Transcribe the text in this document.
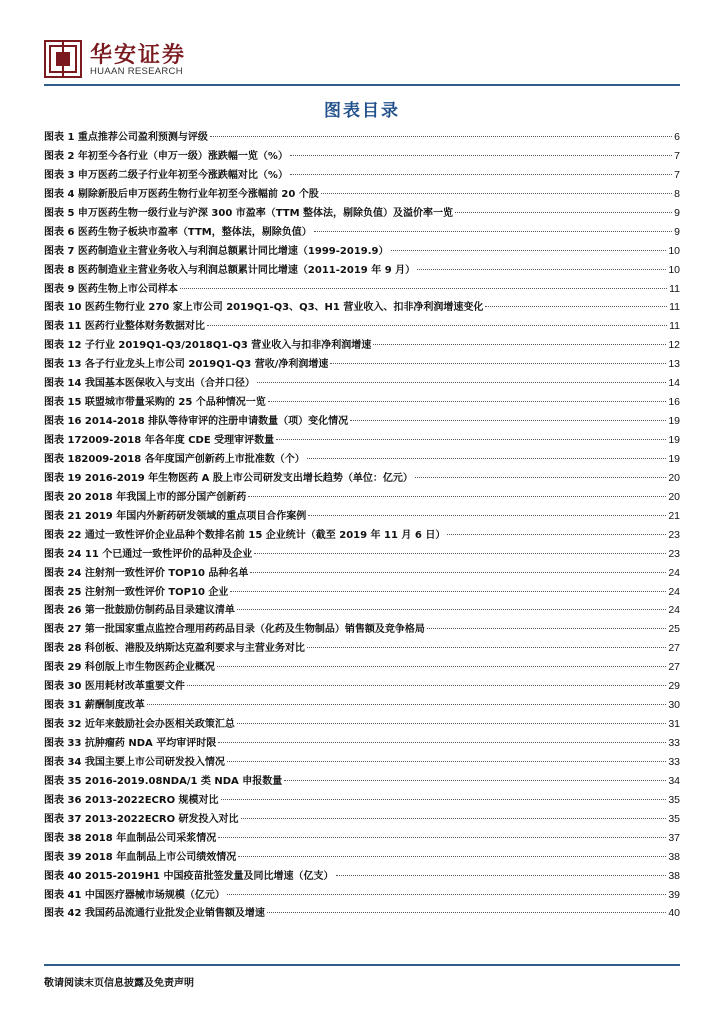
华安证券
HUAAN RESEARCH
图表目录
图表 1 重点推荐公司盈利预测与评级	6
图表 2 年初至今各行业（申万一级）涨跌幅一览（%）	7
图表 3 申万医药二级子行业年初至今涨跌幅对比（%）	7
图表 4 剔除新股后申万医药生物行业年初至今涨幅前 20 个股	8
图表 5 申万医药生物一级行业与沪深 300 市盈率（TTM 整体法，剔除负值）及溢价率一览	9
图表 6 医药生物子板块市盈率（TTM，整体法，剔除负值）	9
图表 7 医药制造业主营业务收入与利润总额累计同比增速（1999-2019.9）	10
图表 8 医药制造业主营业务收入与利润总额累计同比增速（2011-2019 年 9 月）	10
图表 9 医药生物上市公司样本	11
图表 10 医药生物行业 270 家上市公司 2019Q1-Q3、Q3、H1 营业收入、扣非净利润增速变化	11
图表 11 医药行业整体财务数据对比	11
图表 12 子行业 2019Q1-Q3/2018Q1-Q3 营业收入与扣非净利润增速	12
图表 13 各子行业龙头上市公司 2019Q1-Q3 营收/净利润增速	13
图表 14 我国基本医保收入与支出（合并口径）	14
图表 15 联盟城市带量采购的 25 个品种情况一览	16
图表 16 2014-2018 排队等待审评的注册申请数量（项）变化情况	19
图表 172009-2018 年各年度 CDE 受理审评数量	19
图表 182009-2018 各年度国产创新药上市批准数（个）	19
图表 19 2016-2019 年生物医药 A 股上市公司研发支出增长趋势（单位：亿元）	20
图表 20 2018 年我国上市的部分国产创新药	20
图表 21 2019 年国内外新药研发领域的重点项目合作案例	21
图表 22 通过一致性评价企业品种个数排名前 15 企业统计（截至 2019 年 11 月 6 日）	23
图表 24 11 个已通过一致性评价的品种及企业	23
图表 24 注射剂一致性评价 TOP10 品种名单	24
图表 25 注射剂一致性评价 TOP10 企业	24
图表 26 第一批鼓励仿制药品目录建议清单	24
图表 27 第一批国家重点监控合理用药药品目录（化药及生物制品）销售额及竞争格局	25
图表 28 科创板、港股及纳斯达克盈利要求与主营业务对比	27
图表 29 科创版上市生物医药企业概况	27
图表 30 医用耗材改革重要文件	29
图表 31 薪酬制度改革	30
图表 32 近年来鼓励社会办医相关政策汇总	31
图表 33 抗肿瘤药 NDA 平均审评时限	33
图表 34 我国主要上市公司研发投入情况	33
图表 35 2016-2019.08NDA/1 类 NDA 申报数量	34
图表 36 2013-2022ECRO 规模对比	35
图表 37 2013-2022ECRO 研发投入对比	35
图表 38 2018 年血制品公司采浆情况	37
图表 39 2018 年血制品上市公司绩效情况	38
图表 40 2015-2019H1 中国疫苗批签发量及同比增速（亿支）	38
图表 41 中国医疗器械市场规模（亿元）	39
图表 42 我国药品流通行业批发企业销售额及增速	40
敬请阅读末页信息披露及免责声明
